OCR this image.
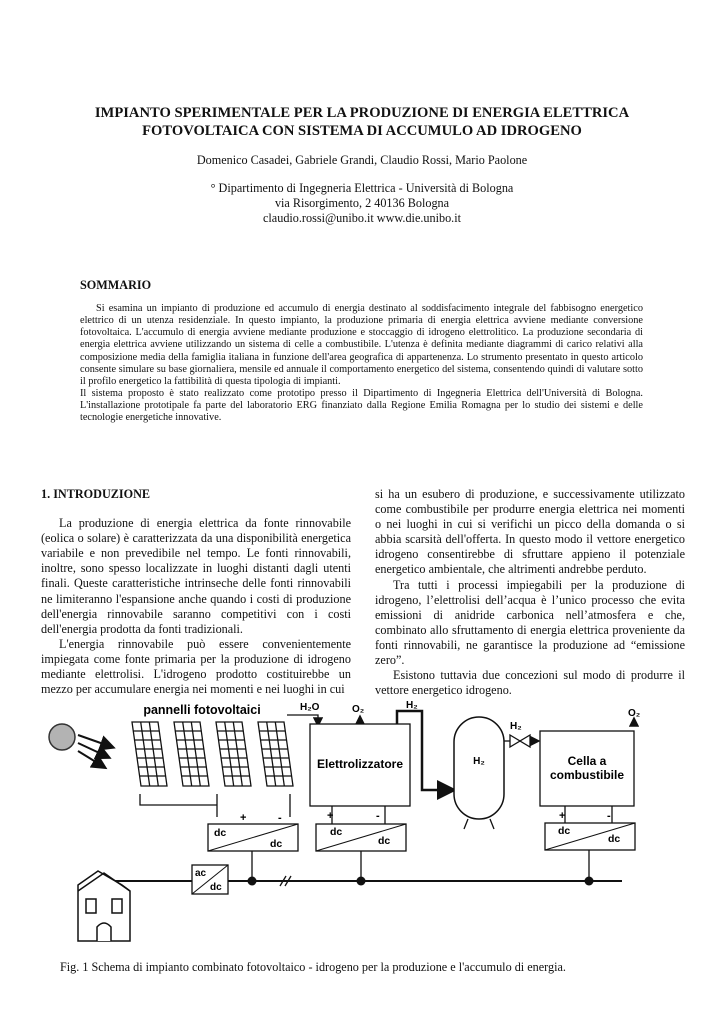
IMPIANTO SPERIMENTALE PER LA PRODUZIONE DI ENERGIA ELETTRICA
FOTOVOLTAICA CON SISTEMA DI ACCUMULO AD IDROGENO
Domenico Casadei, Gabriele Grandi, Claudio Rossi, Mario Paolone
° Dipartimento di Ingegneria Elettrica - Università di Bologna
via Risorgimento, 2 40136 Bologna
claudio.rossi@unibo.it www.die.unibo.it
SOMMARIO

Si esamina un impianto di produzione ed accumulo di energia destinato al soddisfacimento integrale del fabbisogno energetico elettrico di un utenza residenziale. In questo impianto, la produzione primaria di energia elettrica avviene mediante conversione fotovoltaica. L'accumulo di energia avviene mediante produzione e stoccaggio di idrogeno elettrolitico. La produzione secondaria di energia elettrica avviene utilizzando un sistema di celle a combustibile. L'utenza è definita mediante diagrammi di carico relativi alla composizione media della famiglia italiana in funzione dell'area geografica di appartenenza. Lo strumento presentato in questo articolo consente simulare su base giornaliera, mensile ed annuale il comportamento energetico del sistema, consentendo quindi di valutare sotto il profilo energetico la fattibilità di questa tipologia di impianti.

Il sistema proposto è stato realizzato come prototipo presso il Dipartimento di Ingegneria Elettrica dell'Università di Bologna. L'installazione prototipale fa parte del laboratorio ERG finanziato dalla Regione Emilia Romagna per lo studio dei sistemi e delle tecnologie energetiche innovative.

1. INTRODUZIONE

La produzione di energia elettrica da fonte rinnovabile (eolica o solare) è caratterizzata da una disponibilità energetica variabile e non prevedibile nel tempo. Le fonti rinnovabili, inoltre, sono spesso localizzate in luoghi distanti dagli utenti finali. Queste caratteristiche intrinseche delle fonti rinnovabili ne limiteranno l'espansione anche quando i costi di produzione dell'energia rinnovabile saranno competitivi con i costi dell'energia prodotta da fonti tradizionali.

L'energia rinnovabile può essere convenientemente impiegata come fonte primaria per la produzione di idrogeno mediante elettrolisi. L'idrogeno prodotto costituirebbe un mezzo per accumulare energia nei momenti e nei luoghi in cui

si ha un esubero di produzione, e successivamente utilizzato come combustibile per produrre energia elettrica nei momenti o nei luoghi in cui si verifichi un picco della domanda o si abbia scarsità dell'offerta. In questo modo il vettore energetico idrogeno consentirebbe di sfruttare appieno il potenziale energetico ambientale, che altrimenti andrebbe perduto.

Tra tutti i processi impiegabili per la produzione di idrogeno, l’elettrolisi dell’acqua è l’unico processo che evita emissioni di anidride carbonica nell’atmosfera e che, combinato allo sfruttamento di energia elettrica proveniente da fonti rinnovabili, ne garantisce la produzione ad “emissione zero”.

Esistono tuttavia due concezioni sul modo di produrre il vettore energetico idrogeno.

pannelli fotovoltaici
+	-
dc
dc
H₂O	O₂	H₂
Elettrolizzatore
+	-
dc
dc
H₂
H₂
Cella a
combustibile
O₂
+	-
dc
dc
ac
dc
Fig. 1 Schema di impianto combinato fotovoltaico - idrogeno per la produzione e l'accumulo di energia.
